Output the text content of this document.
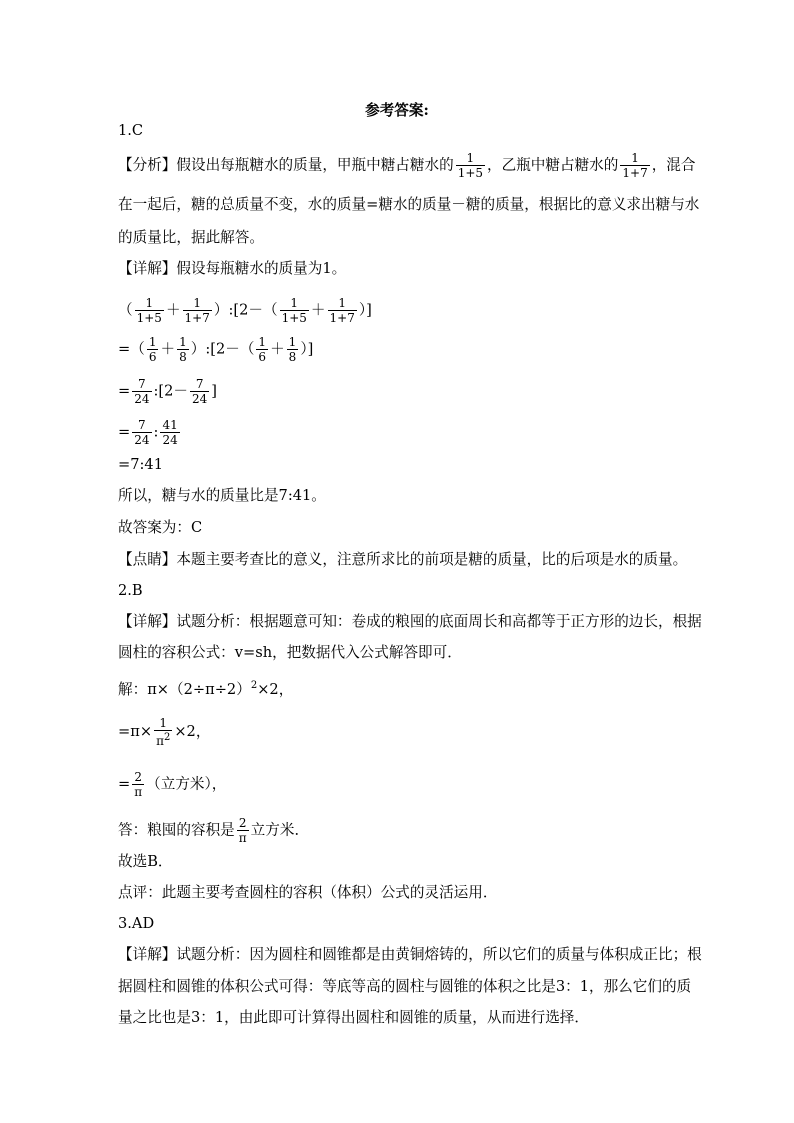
参考答案:
1.C
【分析】假设出每瓶糖水的质量，甲瓶中糖占糖水的 $\frac{1}{1+5}$ ，乙瓶中糖占糖水的 $\frac{1}{1+7}$ ，混合
在一起后，糖的总质量不变，水的质量=糖水的质量－糖的质量，根据比的意义求出糖与水
的质量比，据此解答。
【详解】假设每瓶糖水的质量为1。
（ $\frac{1}{1+5} + \frac{1}{1+7}$ ）:[2－（ $\frac{1}{1+5} + \frac{1}{1+7}$ ）]
=（ $\frac{1}{6} + \frac{1}{8}$ ）:[2－（ $\frac{1}{6} + \frac{1}{8}$ ）]
= $\frac{7}{24}$ :[2－ $\frac{7}{24}$ ]
= $\frac{7}{24}$ : $\frac{41}{24}$
=7:41
所以，糖与水的质量比是7:41。
故答案为：C
【点睛】本题主要考查比的意义，注意所求比的前项是糖的质量，比的后项是水的质量。
2.B
【详解】试题分析：根据题意可知：卷成的粮囤的底面周长和高都等于正方形的边长，根据
圆柱的容积公式：v=sh，把数据代入公式解答即可．
解：$\pi\times(2\div\pi\div 2)^2\times 2$，
$=\pi\times \frac{1}{\pi^2} \times 2$，
= $\frac{2}{\pi}$ （立方米），
答：粮囤的容积是 $\frac{2}{\pi}$ 立方米．
故选B．
点评：此题主要考查圆柱的容积（体积）公式的灵活运用．
3.AD
【详解】试题分析：因为圆柱和圆锥都是由黄铜熔铸的，所以它们的质量与体积成正比；根
据圆柱和圆锥的体积公式可得：等底等高的圆柱与圆锥的体积之比是3：1，那么它们的质
量之比也是3：1，由此即可计算得出圆柱和圆锥的质量，从而进行选择．
